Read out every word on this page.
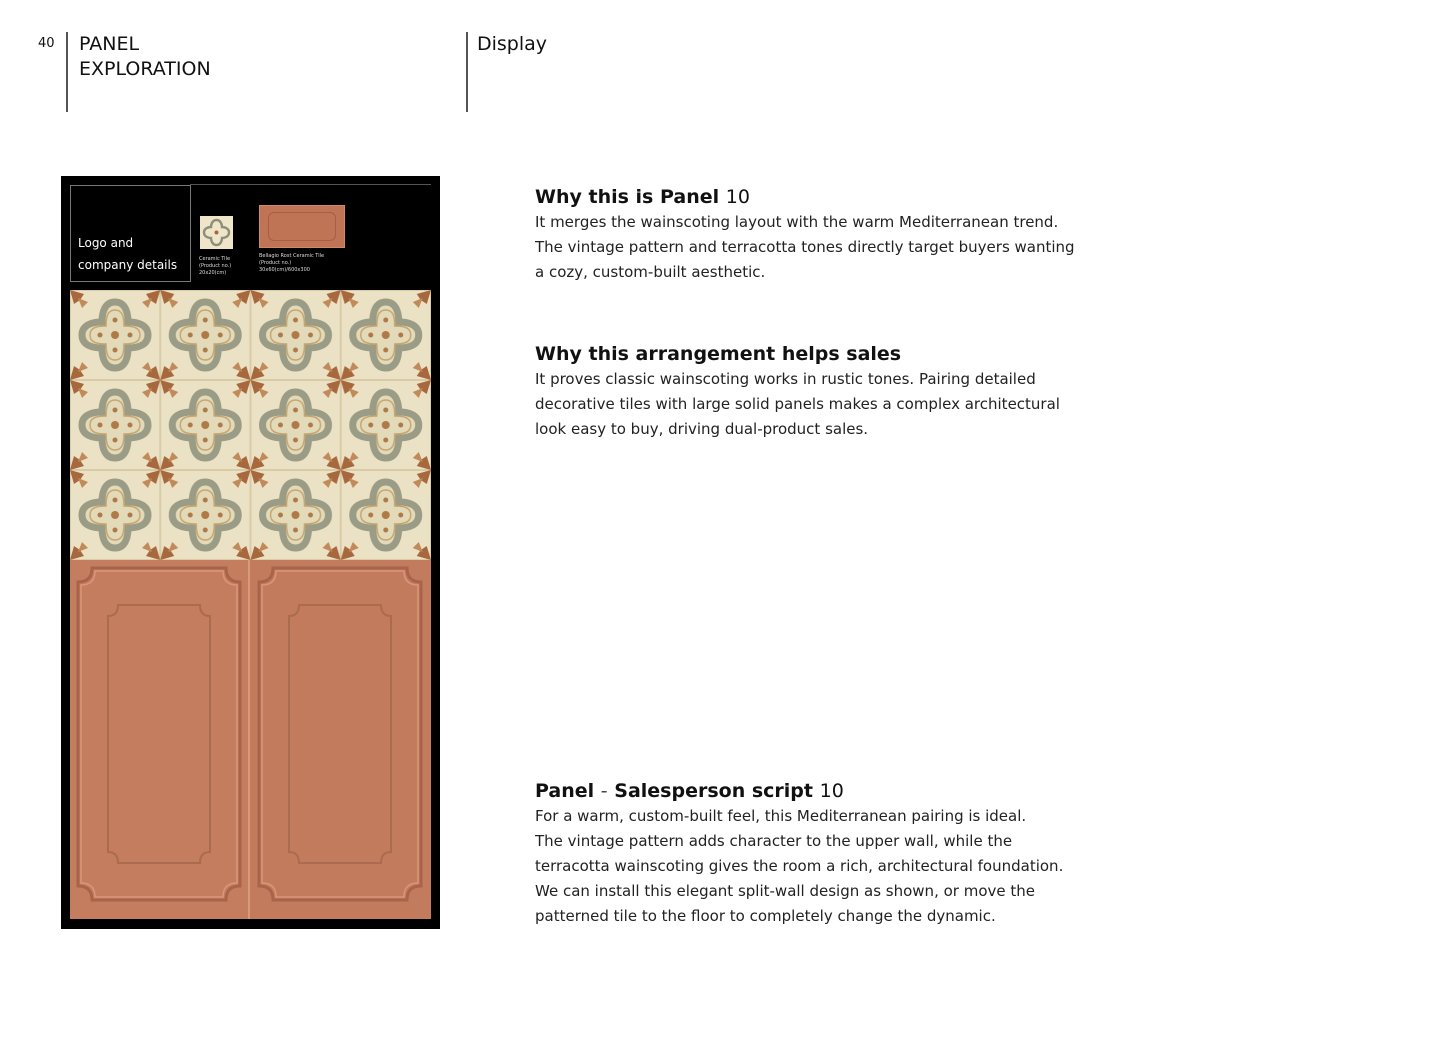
40 PANEL
EXPLORATION
Display
Logo and
company details	Ceramic Tile
(Product no.)
20x20(cm)
Bellagio Rost Ceramic Tile
(Product no.)
30x60(cm)/600x300
Why this is Panel 10

It merges the wainscoting layout with the warm Mediterranean trend.
The vintage pattern and terracotta tones directly target buyers wanting
a cozy, custom-built aesthetic.

Why this arrangement helps sales

It proves classic wainscoting works in rustic tones. Pairing detailed
decorative tiles with large solid panels makes a complex architectural
look easy to buy, driving dual-product sales.

Panel - Salesperson script 10

For a warm, custom-built feel, this Mediterranean pairing is ideal.
The vintage pattern adds character to the upper wall, while the
terracotta wainscoting gives the room a rich, architectural foundation.
We can install this elegant split-wall design as shown, or move the
patterned tile to the floor to completely change the dynamic.
